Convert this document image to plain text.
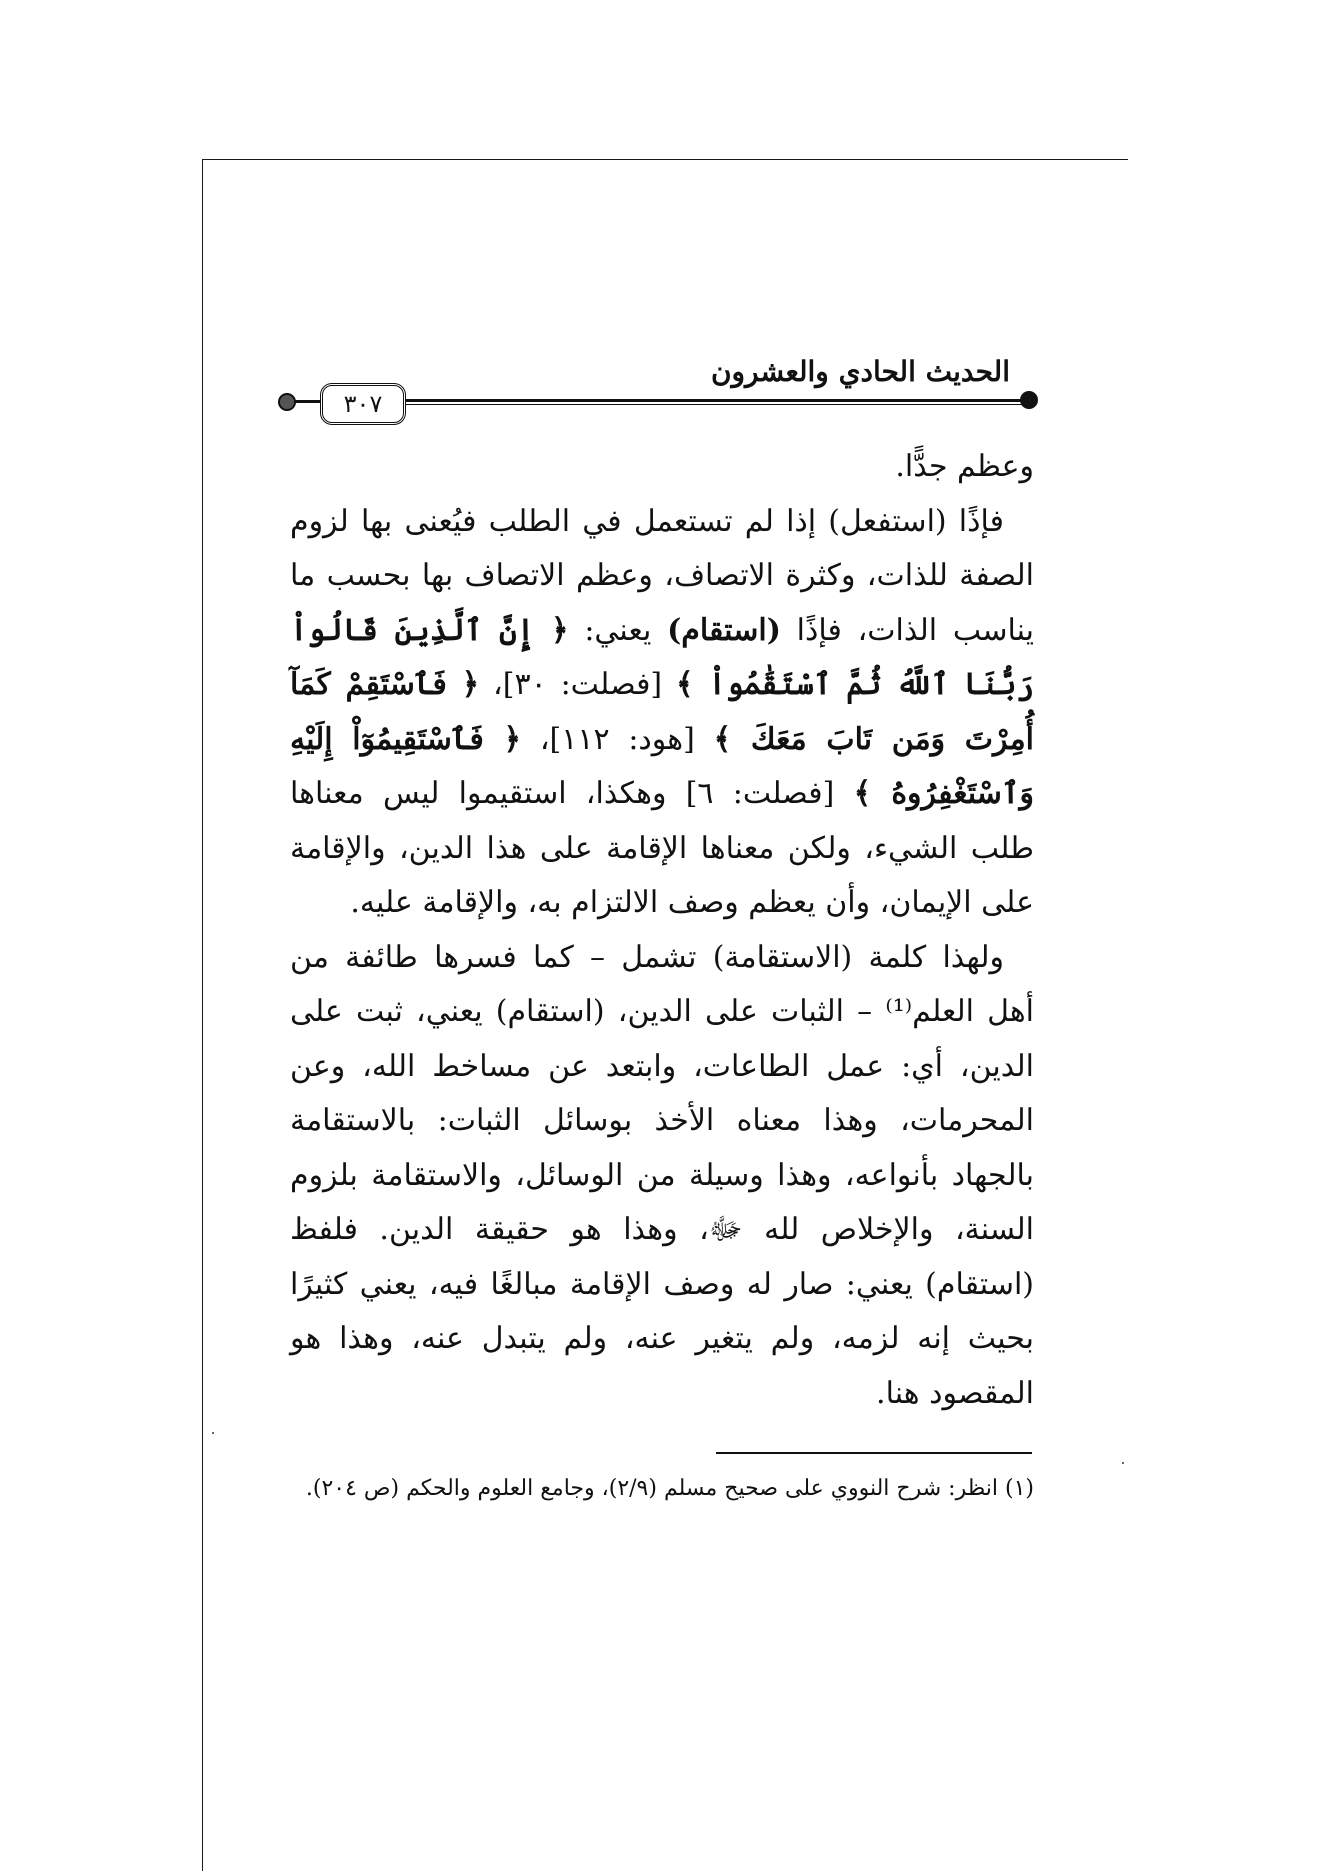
الحديث الحادي والعشرون
٣٠٧

وعظم جدًّا.

فإذًا (استفعل) إذا لم تستعمل في الطلب فيُعنى بها لزوم الصفة للذات، وكثرة الاتصاف، وعظم الاتصاف بها بحسب ما يناسب الذات، فإذًا (استقام) يعني: ﴿ إِنَّ ٱلَّذِينَ قَالُواْ رَبُّنَا ٱللَّهُ ثُمَّ ٱسْتَقَٰمُواْ ﴾ [فصلت: ٣٠]، ﴿ فَٱسْتَقِمْ كَمَآ أُمِرْتَ وَمَن تَابَ مَعَكَ ﴾ [هود: ١١٢]، ﴿ فَٱسْتَقِيمُوٓاْ إِلَيْهِ وَٱسْتَغْفِرُوهُ ﴾ [فصلت: ٦] وهكذا، استقيموا ليس معناها طلب الشيء، ولكن معناها الإقامة على هذا الدين، والإقامة على الإيمان، وأن يعظم وصف الالتزام به، والإقامة عليه.

ولهذا كلمة (الاستقامة) تشمل – كما فسرها طائفة من أهل العلم⁽¹⁾ – الثبات على الدين، (استقام) يعني، ثبت على الدين، أي: عمل الطاعات، وابتعد عن مساخط الله، وعن المحرمات، وهذا معناه الأخذ بوسائل الثبات: بالاستقامة بالجهاد بأنواعه، وهذا وسيلة من الوسائل، والاستقامة بلزوم السنة، والإخلاص لله ﷻ، وهذا هو حقيقة الدين. فلفظ (استقام) يعني: صار له وصف الإقامة مبالغًا فيه، يعني كثيرًا بحيث إنه لزمه، ولم يتغير عنه، ولم يتبدل عنه، وهذا هو المقصود هنا.

(١) انظر: شرح النووي على صحيح مسلم (٢/٩)، وجامع العلوم والحكم (ص ٢٠٤).
